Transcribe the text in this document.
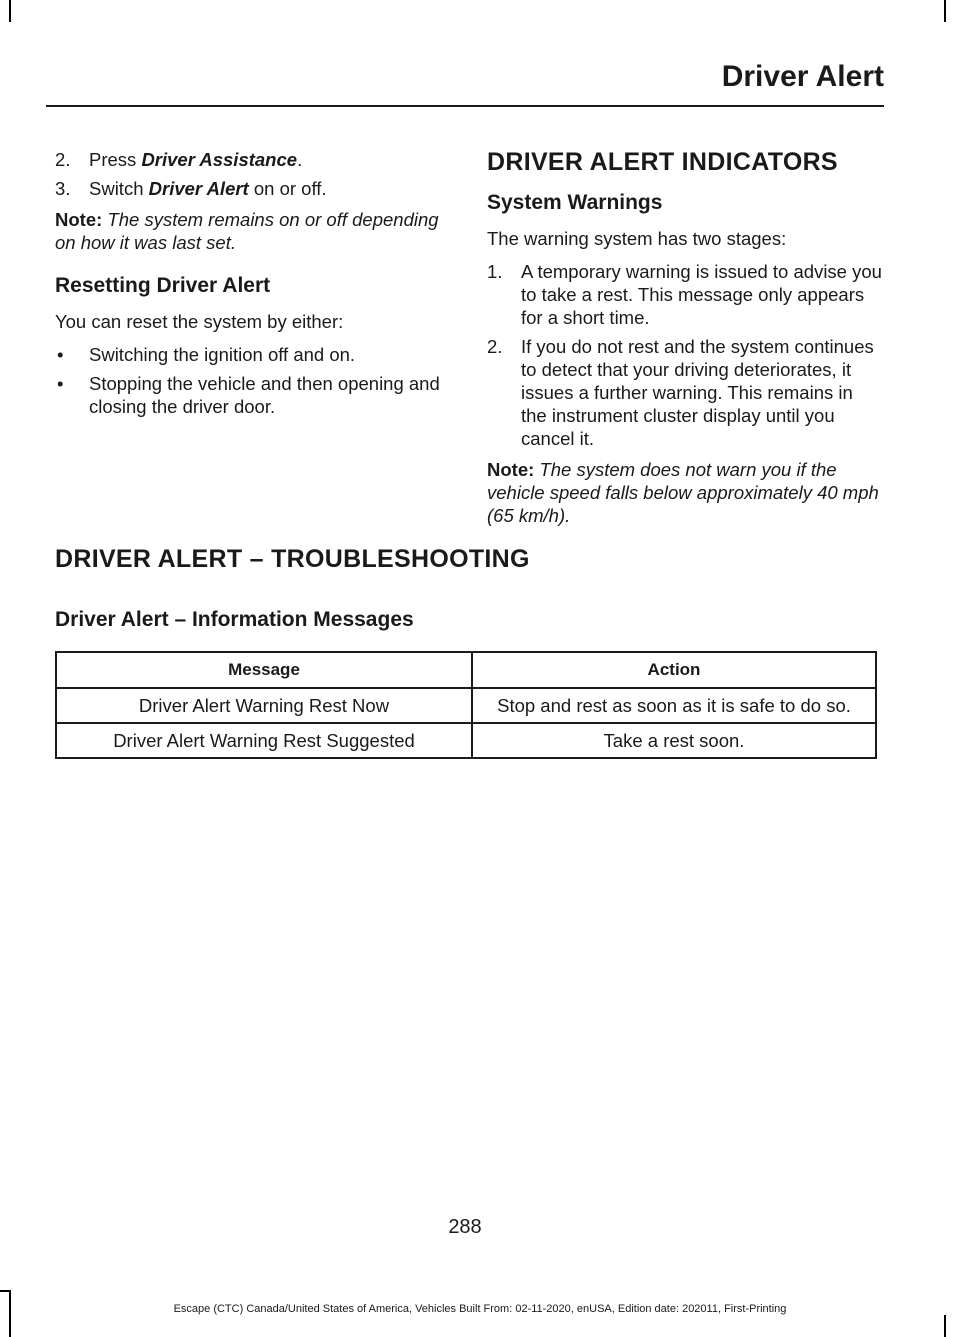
Driver Alert
2. Press Driver Assistance.
3. Switch Driver Alert on or off.

Note: The system remains on or off depending on how it was last set.

Resetting Driver Alert

You can reset the system by either:

• Switching the ignition off and on.
• Stopping the vehicle and then opening and closing the driver door.
DRIVER ALERT INDICATORS
System Warnings

The warning system has two stages:

1. A temporary warning is issued to advise you to take a rest. This message only appears for a short time.
2. If you do not rest and the system continues to detect that your driving deteriorates, it issues a further warning. This remains in the instrument cluster display until you cancel it.

Note: The system does not warn you if the vehicle speed falls below approximately 40 mph (65 km/h).

DRIVER ALERT – TROUBLESHOOTING
Driver Alert – Information Messages
Message	Action
Driver Alert Warning Rest Now	Stop and rest as soon as it is safe to do so.
Driver Alert Warning Rest Suggested	Take a rest soon.
288
Escape (CTC) Canada/United States of America, Vehicles Built From: 02-11-2020, enUSA, Edition date: 202011, First-Printing
